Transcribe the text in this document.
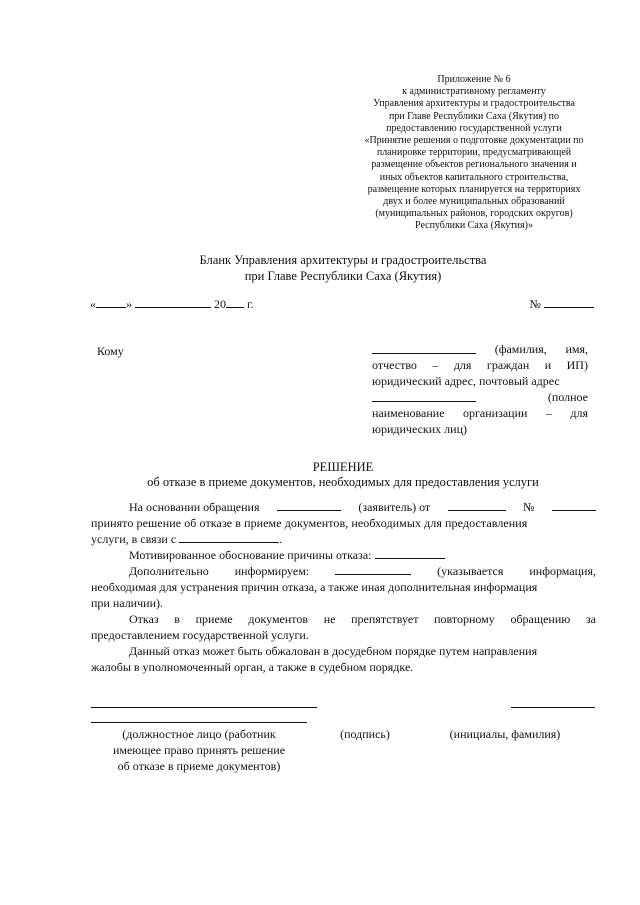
Приложение № 6
к административному регламенту
Управления архитектуры и градостроительства
при Главе Республики Саха (Якутия) по
предоставлению государственной услуги
«Принятие решения о подготовке документации по
планировке территории, предусматривающей
размещение объектов регионального значения и
иных объектов капитального строительства,
размещение которых планируется на территориях
двух и более муниципальных образований
(муниципальных районов, городских округов)
Республики Саха (Якутия)»
Бланк Управления архитектуры и градостроительства
при Главе Республики Саха (Якутия)
«	»	20 г.	№
Кому	(фамилия, имя,
отчество – для граждан и ИП)
юридический адрес, почтовый адрес
(полное
наименование организации – для
юридических лиц)
РЕШЕНИЕ
об отказе в приеме документов, необходимых для предоставления услуги
На основании обращения	(заявитель) от	№
принято решение об отказе в приеме документов, необходимых для предоставления
услуги, в связи с	.
Мотивированное обоснование причины отказа:
Дополнительно информируем:	(указывается информация,
необходимая для устранения причин отказа, а также иная дополнительная информация
при наличии).
Отказ в приеме документов не препятствует повторному обращению за
предоставлением государственной услуги.
Данный отказ может быть обжалован в досудебном порядке путем направления
жалобы в уполномоченный орган, а также в судебном порядке.
(должностное лицо (работник
имеющее право принять решение
об отказе в приеме документов)
(подпись)	(инициалы, фамилия)
